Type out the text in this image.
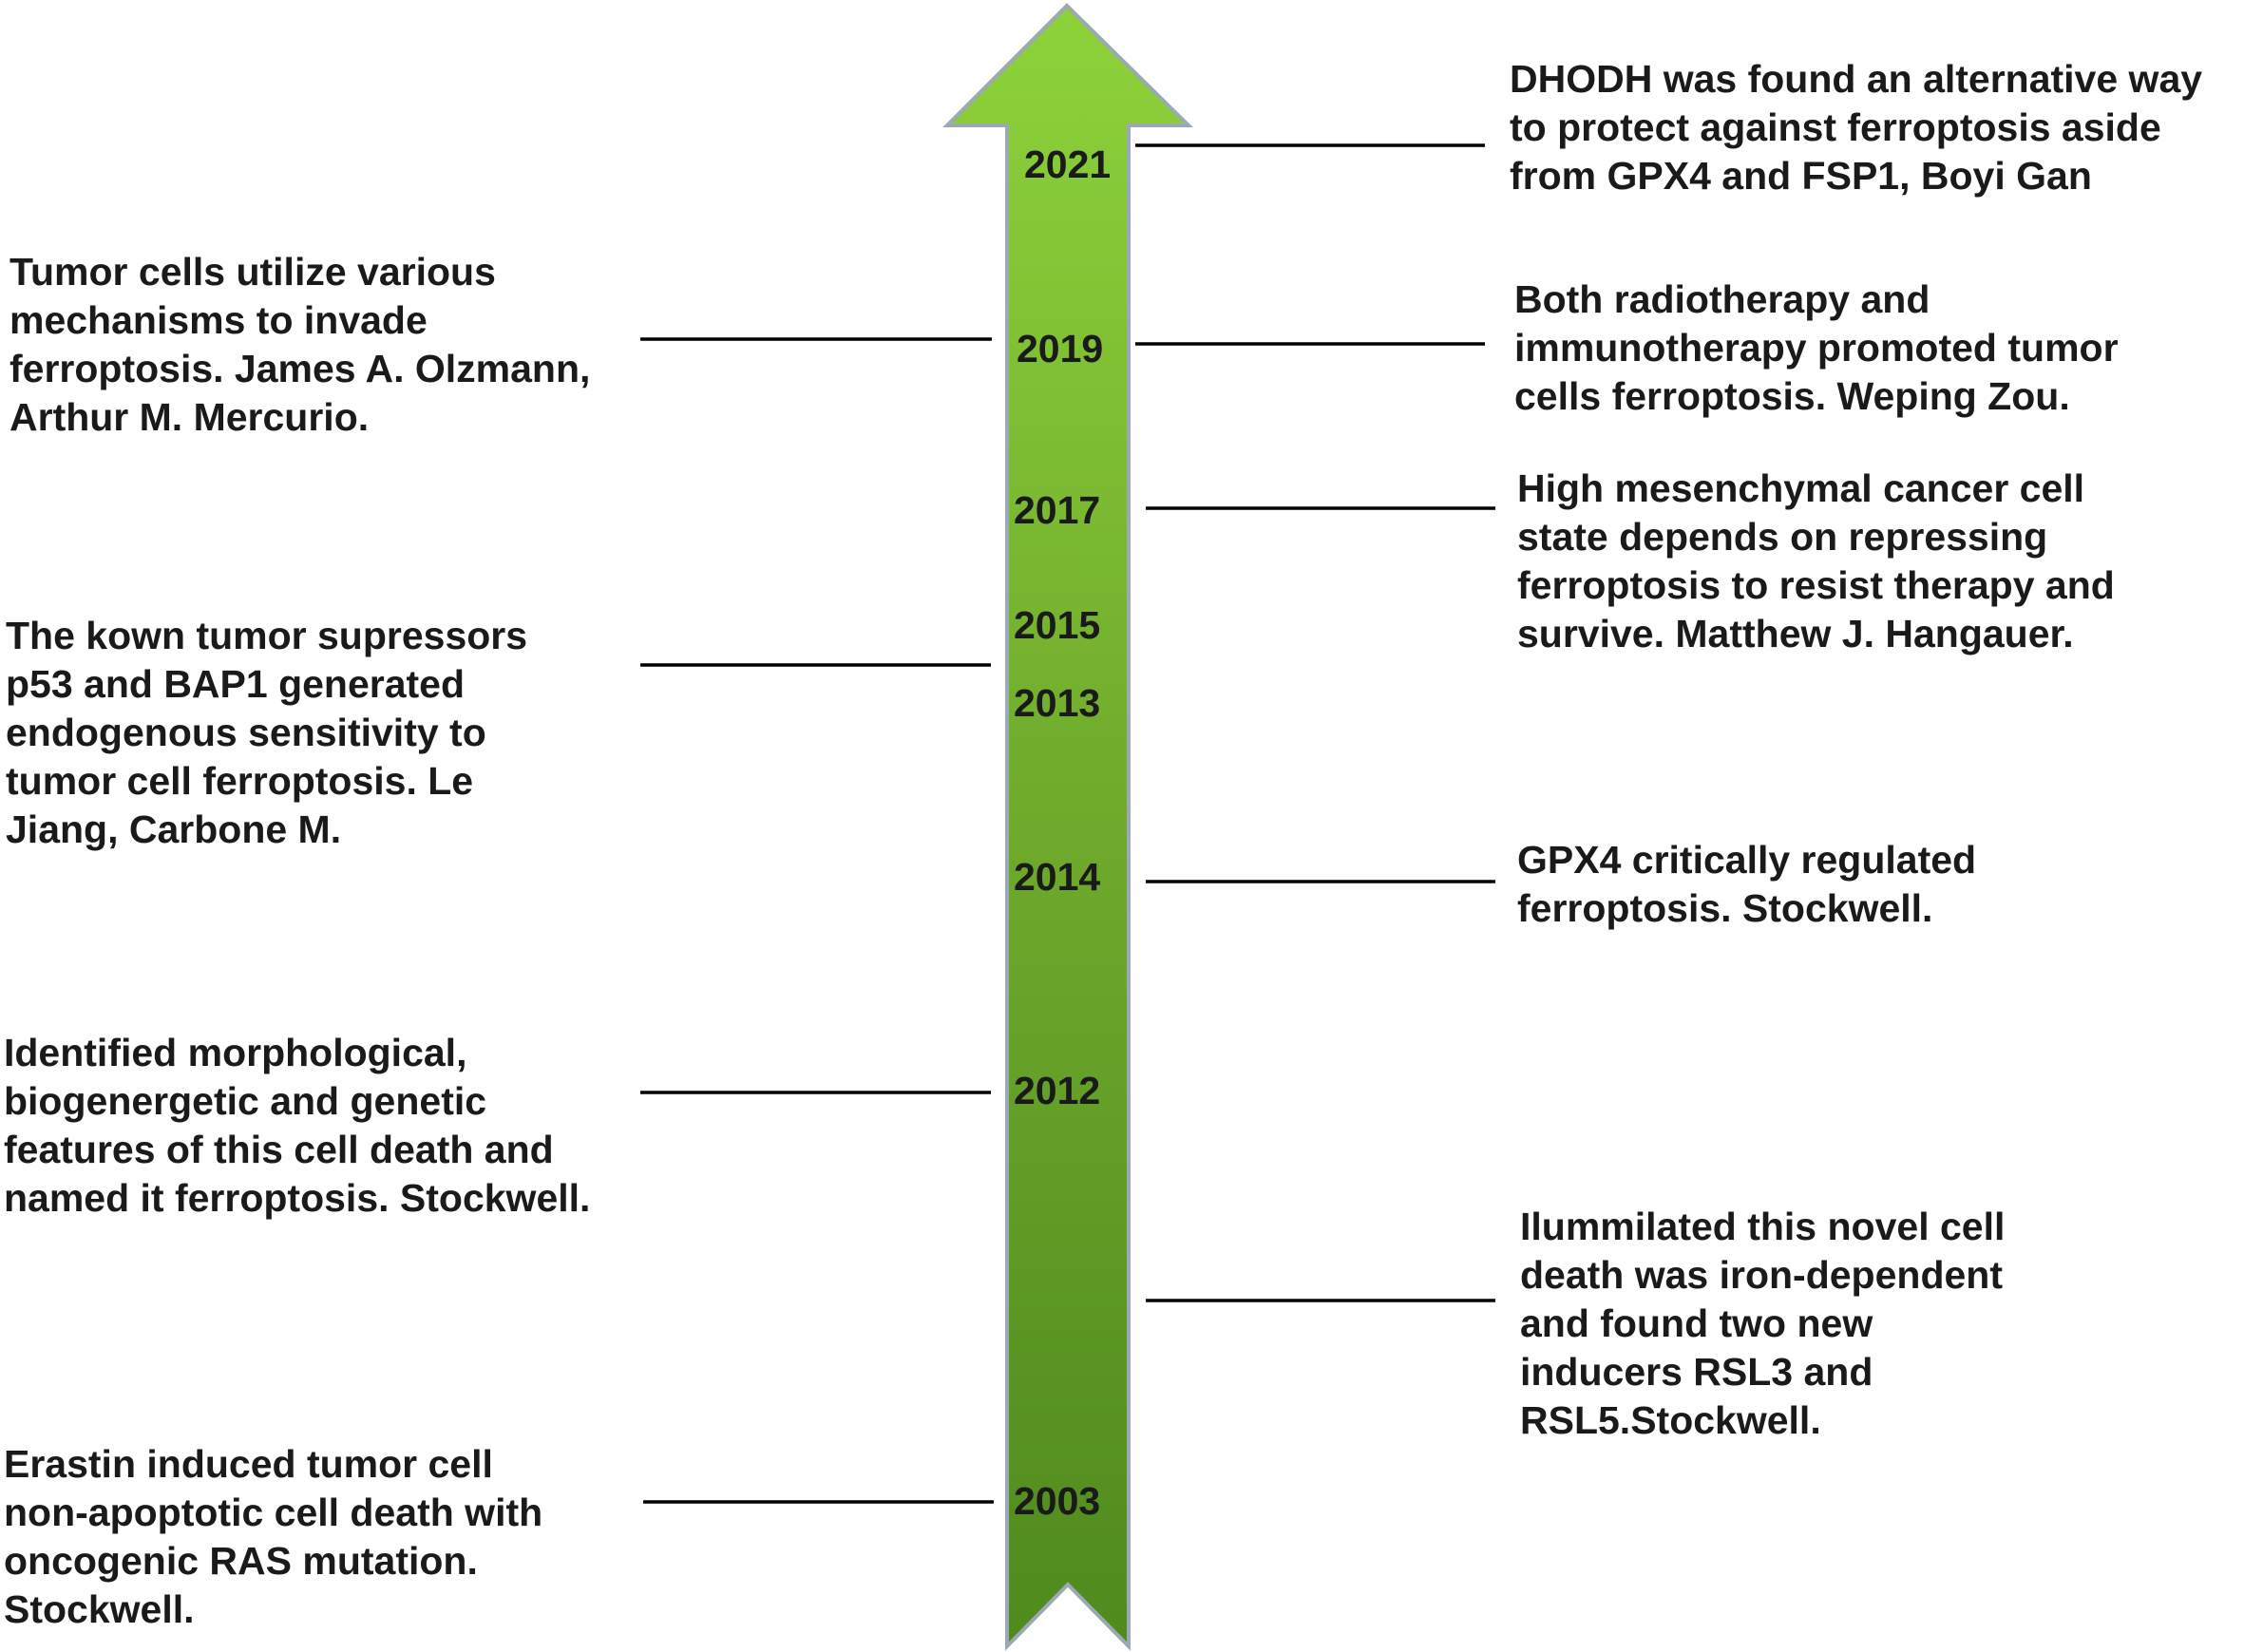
2021
2019
2017
2015
2013
2014
2012
2003

Tumor cells utilize various
mechanisms to invade
ferroptosis. James A. Olzmann,
Arthur M. Mercurio.

The kown tumor supressors
p53 and BAP1 generated
endogenous sensitivity to
tumor cell ferroptosis. Le
Jiang, Carbone M.

Identified morphological,
biogenergetic and genetic
features of this cell death and
named it ferroptosis. Stockwell.

Erastin induced tumor cell
non-apoptotic cell death with
oncogenic RAS mutation.
Stockwell.

DHODH was found an alternative way
to protect against ferroptosis aside
from GPX4 and FSP1, Boyi Gan

Both radiotherapy and
immunotherapy promoted tumor
cells ferroptosis. Weping Zou.

High mesenchymal cancer cell
state depends on repressing
ferroptosis to resist therapy and
survive. Matthew J. Hangauer.

GPX4 critically regulated
ferroptosis. Stockwell.

Ilummilated this novel cell
death was iron-dependent
and found two new
inducers RSL3 and
RSL5.Stockwell.
